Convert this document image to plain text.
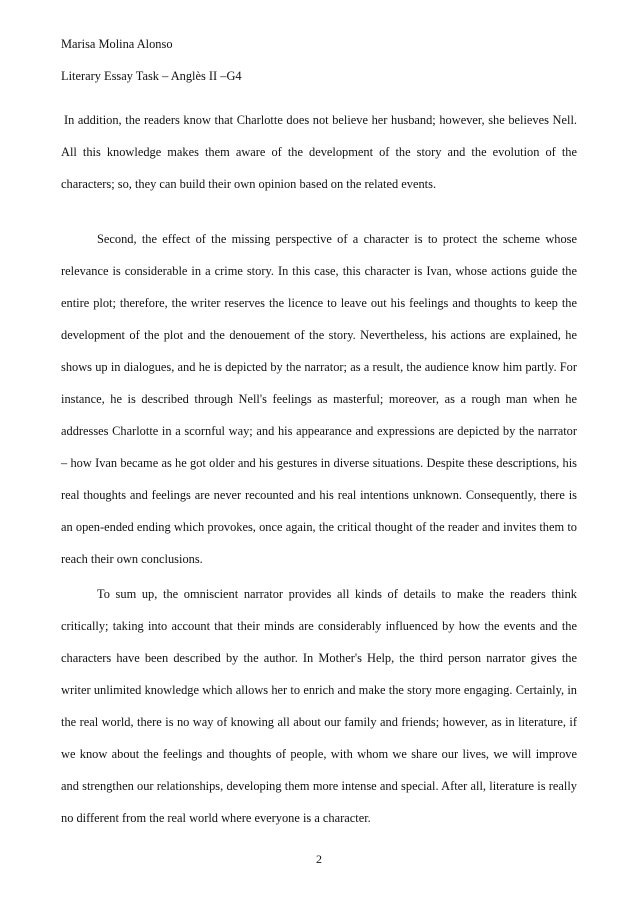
Marisa Molina Alonso
Literary Essay Task – Anglès II –G4

In addition, the readers know that Charlotte does not believe her husband; however, she believes Nell. All this knowledge makes them aware of the development of the story and the evolution of the characters; so, they can build their own opinion based on the related events.

Second, the effect of the missing perspective of a character is to protect the scheme whose relevance is considerable in a crime story. In this case, this character is Ivan, whose actions guide the entire plot; therefore, the writer reserves the licence to leave out his feelings and thoughts to keep the development of the plot and the denouement of the story. Nevertheless, his actions are explained, he shows up in dialogues, and he is depicted by the narrator; as a result, the audience know him partly. For instance, he is described through Nell's feelings as masterful; moreover, as a rough man when he addresses Charlotte in a scornful way; and his appearance and expressions are depicted by the narrator – how Ivan became as he got older and his gestures in diverse situations. Despite these descriptions, his real thoughts and feelings are never recounted and his real intentions unknown. Consequently, there is an open-ended ending which provokes, once again, the critical thought of the reader and invites them to reach their own conclusions.

To sum up, the omniscient narrator provides all kinds of details to make the readers think critically; taking into account that their minds are considerably influenced by how the events and the characters have been described by the author. In Mother's Help, the third person narrator gives the writer unlimited knowledge which allows her to enrich and make the story more engaging. Certainly, in the real world, there is no way of knowing all about our family and friends; however, as in literature, if we know about the feelings and thoughts of people, with whom we share our lives, we will improve and strengthen our relationships, developing them more intense and special. After all, literature is really no different from the real world where everyone is a character.

2
